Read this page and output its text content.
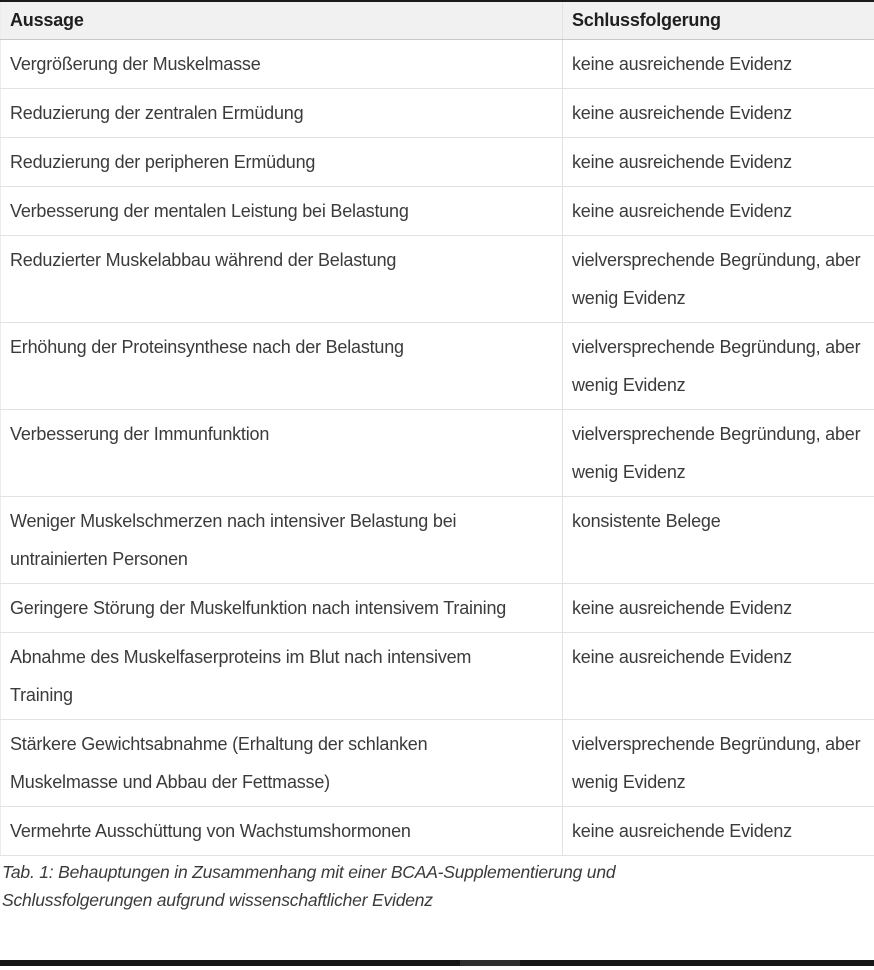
Aussage	Schlussfolgerung
Vergrößerung der Muskelmasse	keine ausreichende Evidenz
Reduzierung der zentralen Ermüdung	keine ausreichende Evidenz
Reduzierung der peripheren Ermüdung	keine ausreichende Evidenz
Verbesserung der mentalen Leistung bei Belastung	keine ausreichende Evidenz
Reduzierter Muskelabbau während der Belastung	vielversprechende Begründung, aber wenig Evidenz
Erhöhung der Proteinsynthese nach der Belastung	vielversprechende Begründung, aber wenig Evidenz
Verbesserung der Immunfunktion	vielversprechende Begründung, aber wenig Evidenz
Weniger Muskelschmerzen nach intensiver Belastung bei untrainierten Personen	konsistente Belege
Geringere Störung der Muskelfunktion nach intensivem Training	keine ausreichende Evidenz
Abnahme des Muskelfaserproteins im Blut nach intensivem Training	keine ausreichende Evidenz
Stärkere Gewichtsabnahme (Erhaltung der schlanken Muskelmasse und Abbau der Fettmasse)	vielversprechende Begründung, aber wenig Evidenz
Vermehrte Ausschüttung von Wachstumshormonen	keine ausreichende Evidenz

Tab. 1: Behauptungen in Zusammenhang mit einer BCAA-Supplementierung und Schlussfolgerungen aufgrund wissenschaftlicher Evidenz
